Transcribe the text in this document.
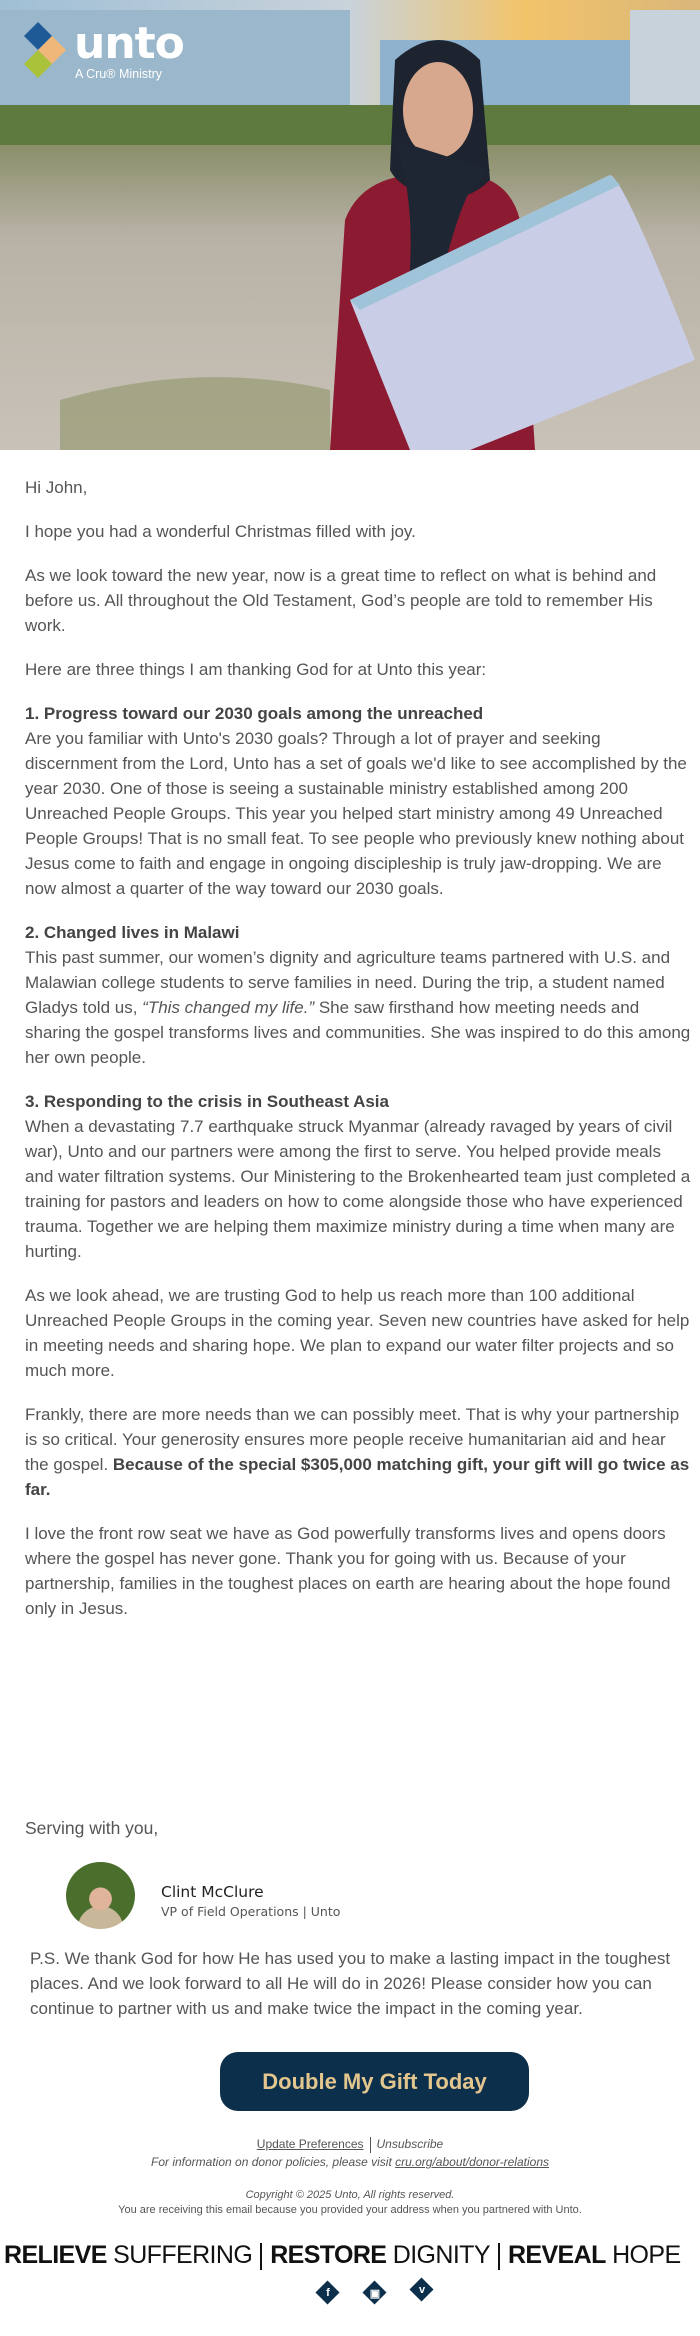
unto
A Cru® Ministry

Hi John,

I hope you had a wonderful Christmas filled with joy.

As we look toward the new year, now is a great time to reflect on what is behind and before us. All throughout the Old Testament, God’s people are told to remember His work.

Here are three things I am thanking God for at Unto this year:

1. Progress toward our 2030 goals among the unreached

Are you familiar with Unto's 2030 goals? Through a lot of prayer and seeking discernment from the Lord, Unto has a set of goals we'd like to see accomplished by the year 2030. One of those is seeing a sustainable ministry established among 200 Unreached People Groups. This year you helped start ministry among 49 Unreached People Groups! That is no small feat. To see people who previously knew nothing about Jesus come to faith and engage in ongoing discipleship is truly jaw-dropping. We are now almost a quarter of the way toward our 2030 goals.

2. Changed lives in Malawi

This past summer, our women’s dignity and agriculture teams partnered with U.S. and Malawian college students to serve families in need. During the trip, a student named Gladys told us, “This changed my life.” She saw firsthand how meeting needs and sharing the gospel transforms lives and communities. She was inspired to do this among her own people.

3. Responding to the crisis in Southeast Asia

When a devastating 7.7 earthquake struck Myanmar (already ravaged by years of civil war), Unto and our partners were among the first to serve. You helped provide meals and water filtration systems. Our Ministering to the Brokenhearted team just completed a training for pastors and leaders on how to come alongside those who have experienced trauma. Together we are helping them maximize ministry during a time when many are hurting.

As we look ahead, we are trusting God to help us reach more than 100 additional Unreached People Groups in the coming year. Seven new countries have asked for help in meeting needs and sharing hope. We plan to expand our water filter projects and so much more.

Frankly, there are more needs than we can possibly meet. That is why your partnership is so critical. Your generosity ensures more people receive humanitarian aid and hear the gospel. Because of the special $305,000 matching gift, your gift will go twice as far.

I love the front row seat we have as God powerfully transforms lives and opens doors where the gospel has never gone. Thank you for going with us. Because of your partnership, families in the toughest places on earth are hearing about the hope found only in Jesus.

Serving with you,
Clint McClure
VP of Field Operations | Unto
P.S. We thank God for how He has used you to make a lasting impact in the toughest places. And we look forward to all He will do in 2026! Please consider how you can continue to partner with us and make twice the impact in the coming year.
Double My Gift Today
Update Preferences Unsubscribe
For information on donor policies, please visit cru.org/about/donor-relations
Copyright © 2025 Unto, All rights reserved.
You are receiving this email because you provided your address when you partnered with Unto.
RELIEVE SUFFERING RESTORE DIGNITY REVEAL HOPE
f	▣	v
